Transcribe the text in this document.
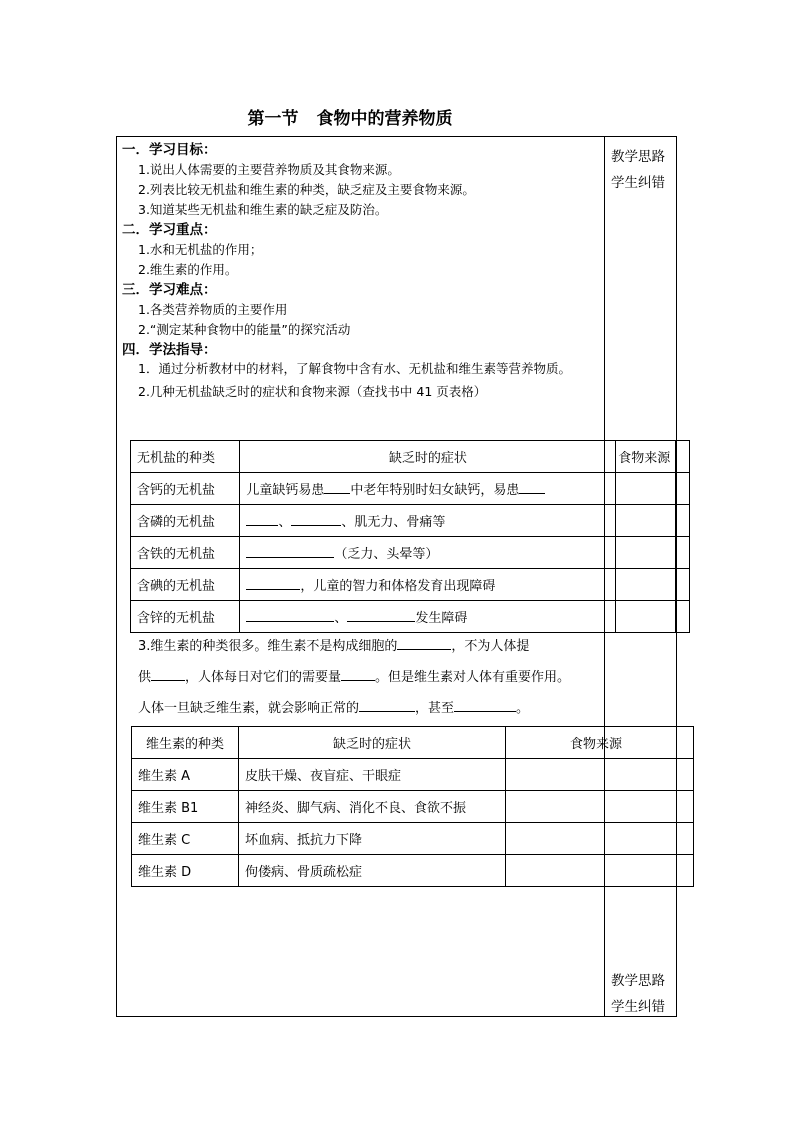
第一节 食物中的营养物质
教学思路
学生纠错
教学思路
学生纠错
一．学习目标：
1.说出人体需要的主要营养物质及其食物来源。
2.列表比较无机盐和维生素的种类，缺乏症及主要食物来源。
3.知道某些无机盐和维生素的缺乏症及防治。
二．学习重点：
1.水和无机盐的作用；
2.维生素的作用。
三．学习难点：
1.各类营养物质的主要作用
2.“测定某种食物中的能量”的探究活动
四．学法指导：
1．通过分析教材中的材料，了解食物中含有水、无机盐和维生素等营养物质。
2.几种无机盐缺乏时的症状和食物来源（查找书中 41 页表格）
无机盐的种类	缺乏时的症状	食物来源	
含钙的无机盐	儿童缺钙易患 中老年特别时妇女缺钙，易患		
含磷的无机盐	、 、肌无力、骨痛等		
含铁的无机盐	（乏力、头晕等）		
含碘的无机盐	，儿童的智力和体格发育出现障碍		
含锌的无机盐	、 发生障碍		
3.维生素的种类很多。维生素不是构成细胞的	，不为人体提
供	，人体每日对它们的需要量	。但是维生素对人体有重要作用。
人体一旦缺乏维生素，就会影响正常的	，甚至	。
维生素的种类	缺乏时的症状	食物来源
维生素 A	皮肤干燥、夜盲症、干眼症	
维生素 B1	神经炎、脚气病、消化不良、食欲不振	
维生素 C	坏血病、抵抗力下降	
维生素 D	佝偻病、骨质疏松症	
